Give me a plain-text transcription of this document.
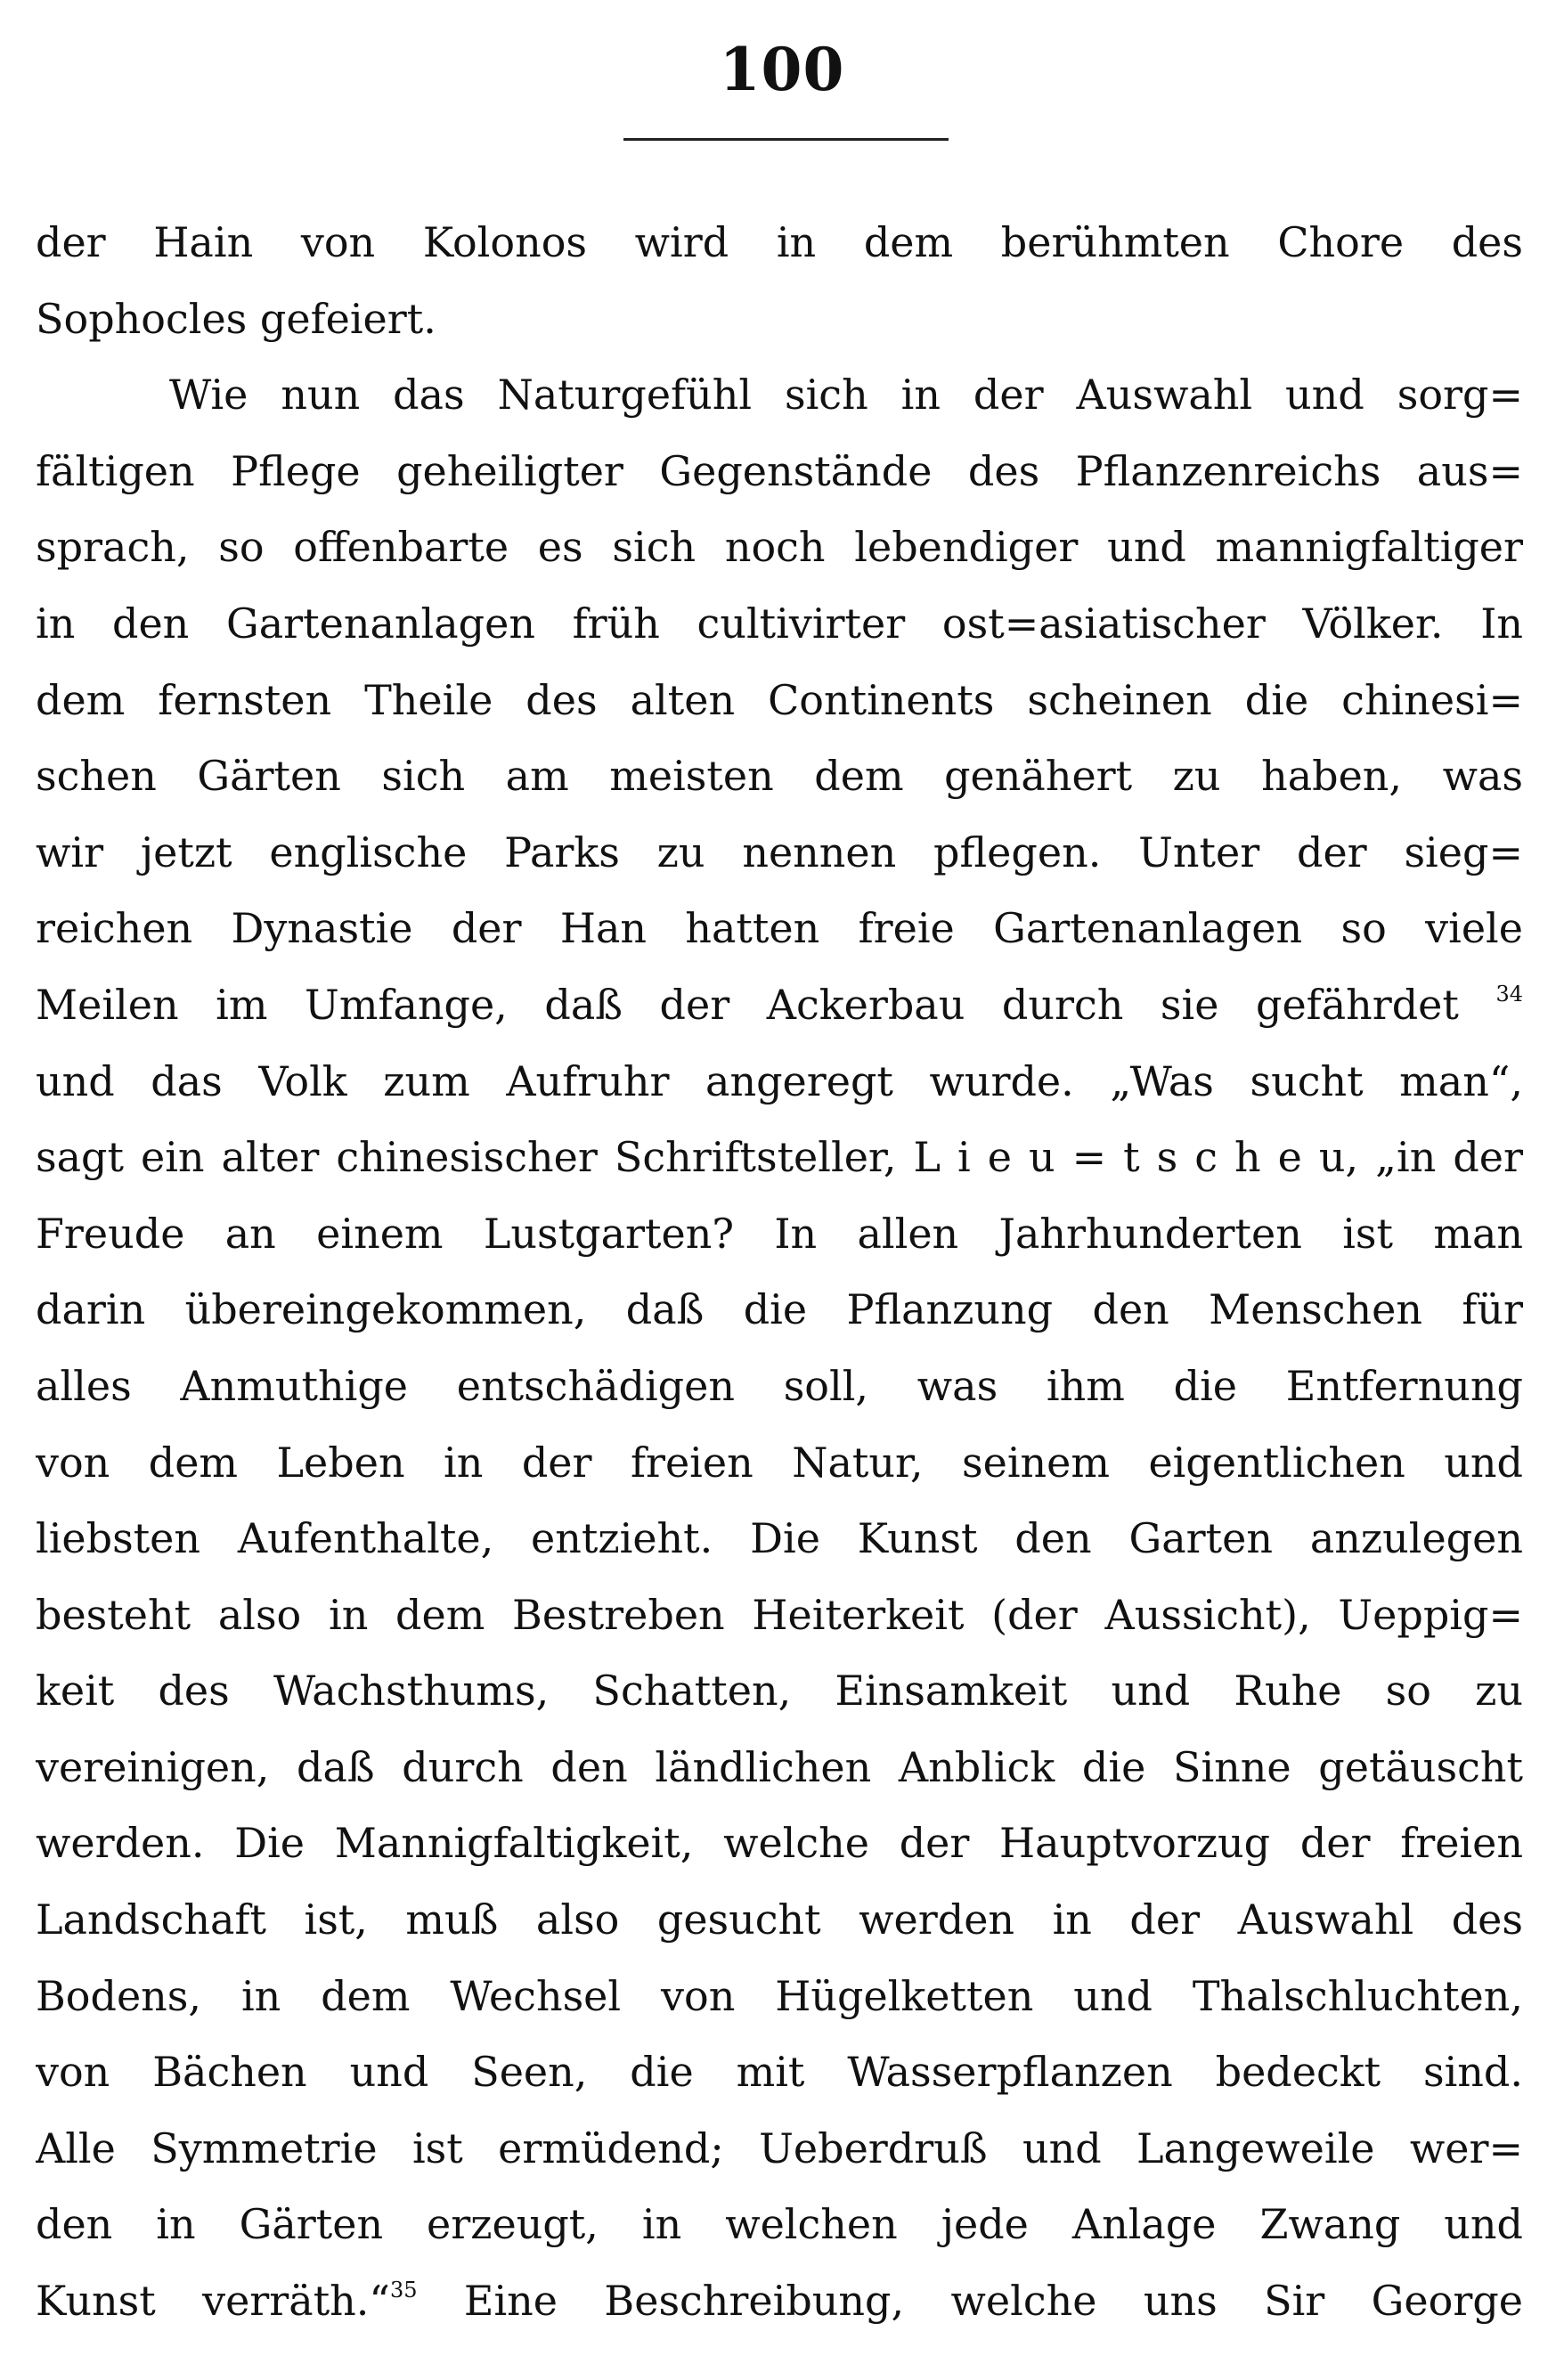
100
der Hain von Kolonos wird in dem berühmten Chore des
Sophocles gefeiert.
Wie nun das Naturgefühl sich in der Auswahl und sorg=
fältigen Pflege geheiligter Gegenstände des Pflanzenreichs aus=
sprach, so offenbarte es sich noch lebendiger und mannigfaltiger
in den Gartenanlagen früh cultivirter ost=asiatischer Völker. In
dem fernsten Theile des alten Continents scheinen die chinesi=
schen Gärten sich am meisten dem genähert zu haben, was
wir jetzt englische Parks zu nennen pflegen. Unter der sieg=
reichen Dynastie der Han hatten freie Gartenanlagen so viele
Meilen im Umfange, daß der Ackerbau durch sie gefährdet $^{34}$
und das Volk zum Aufruhr angeregt wurde. „Was sucht man“,
sagt ein alter chinesischer Schriftsteller, L i e u = t s c h e u, „in der
Freude an einem Lustgarten? In allen Jahrhunderten ist man
darin übereingekommen, daß die Pflanzung den Menschen für
alles Anmuthige entschädigen soll, was ihm die Entfernung
von dem Leben in der freien Natur, seinem eigentlichen und
liebsten Aufenthalte, entzieht. Die Kunst den Garten anzulegen
besteht also in dem Bestreben Heiterkeit (der Aussicht), Ueppig=
keit des Wachsthums, Schatten, Einsamkeit und Ruhe so zu
vereinigen, daß durch den ländlichen Anblick die Sinne getäuscht
werden. Die Mannigfaltigkeit, welche der Hauptvorzug der freien
Landschaft ist, muß also gesucht werden in der Auswahl des
Bodens, in dem Wechsel von Hügelketten und Thalschluchten,
von Bächen und Seen, die mit Wasserpflanzen bedeckt sind.
Alle Symmetrie ist ermüdend; Ueberdruß und Langeweile wer=
den in Gärten erzeugt, in welchen jede Anlage Zwang und
Kunst verräth.“$^{35}$ Eine Beschreibung, welche uns Sir George
